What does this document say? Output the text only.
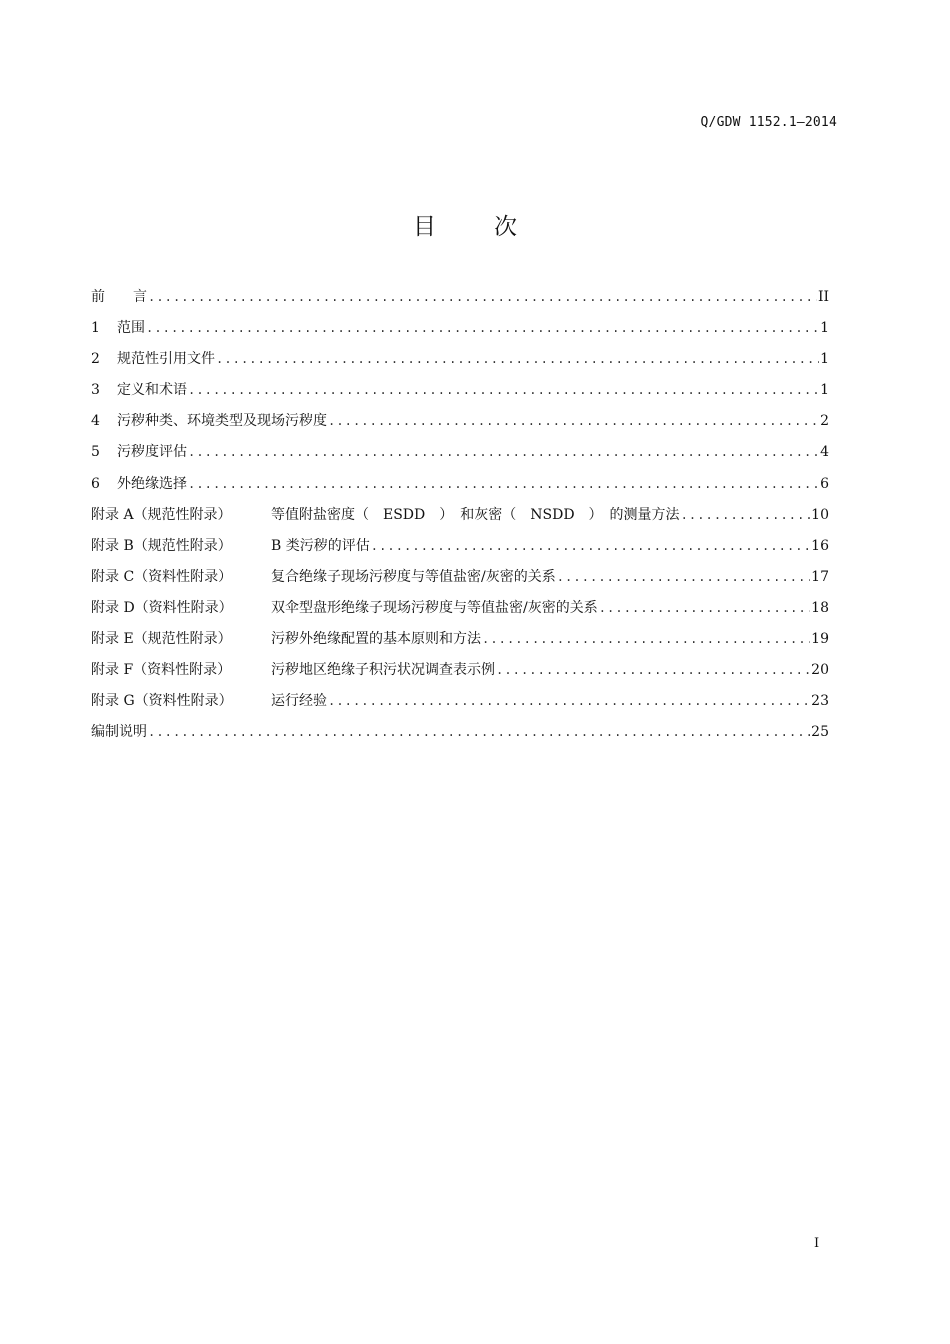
Q/GDW 1152.1—2014
目	次
前　　言 .....	II
1 范围 .....	1
2 规范性引用文件 .....	1
3 定义和术语 .....	1
4 污秽种类、环境类型及现场污秽度 .....	2
5 污秽度评估 .....	4
6 外绝缘选择 .....	6
附录 A（规范性附录）	等值附盐密度（　ESDD　）　和灰密（　NSDD　）　的测量方法 .....	10
附录 B（规范性附录）	B 类污秽的评估 .....	16
附录 C（资料性附录）	复合绝缘子现场污秽度与等值盐密/灰密的关系 .....	17
附录 D（资料性附录）	双伞型盘形绝缘子现场污秽度与等值盐密/灰密的关系 .....	18
附录 E（规范性附录）	污秽外绝缘配置的基本原则和方法 .....	19
附录 F（资料性附录）	污秽地区绝缘子积污状况调查表示例 .....	20
附录 G（资料性附录）	运行经验 .....	23
编制说明 .....	25
I
